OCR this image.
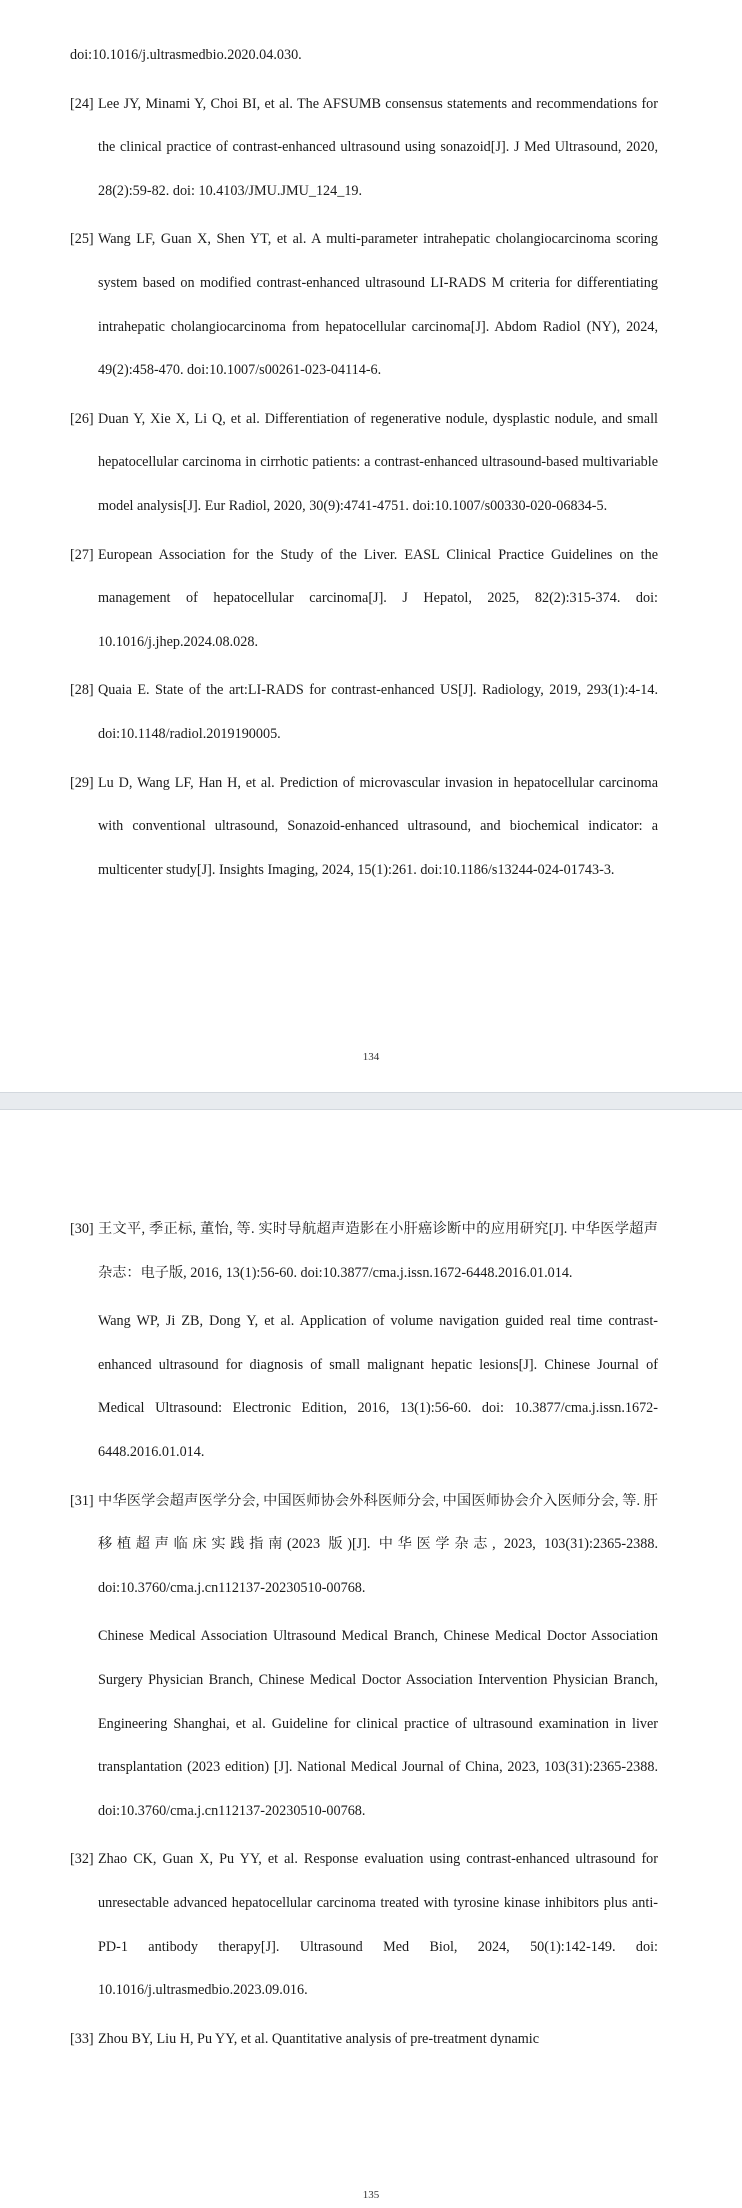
doi:10.1016/j.ultrasmedbio.2020.04.030.
[24] Lee JY, Minami Y, Choi BI, et al. The AFSUMB consensus statements and recommendations for the clinical practice of contrast-enhanced ultrasound using sonazoid[J]. J Med Ultrasound, 2020, 28(2):59-82. doi: 10.4103/JMU.JMU_124_19.
[25] Wang LF, Guan X, Shen YT, et al. A multi-parameter intrahepatic cholangiocarcinoma scoring system based on modified contrast-enhanced ultrasound LI-RADS M criteria for differentiating intrahepatic cholangiocarcinoma from hepatocellular carcinoma[J]. Abdom Radiol (NY), 2024, 49(2):458-470. doi:10.1007/s00261-023-04114-6.
[26] Duan Y, Xie X, Li Q, et al. Differentiation of regenerative nodule, dysplastic nodule, and small hepatocellular carcinoma in cirrhotic patients: a contrast-enhanced ultrasound-based multivariable model analysis[J]. Eur Radiol, 2020, 30(9):4741-4751. doi:10.1007/s00330-020-06834-5.
[27] European Association for the Study of the Liver. EASL Clinical Practice Guidelines on the management of hepatocellular carcinoma[J]. J Hepatol, 2025, 82(2):315-374. doi: 10.1016/j.jhep.2024.08.028.
[28] Quaia E. State of the art:LI-RADS for contrast-enhanced US[J]. Radiology, 2019, 293(1):4-14. doi:10.1148/radiol.2019190005.
[29] Lu D, Wang LF, Han H, et al. Prediction of microvascular invasion in hepatocellular carcinoma with conventional ultrasound, Sonazoid-enhanced ultrasound, and biochemical indicator: a multicenter study[J]. Insights Imaging, 2024, 15(1):261. doi:10.1186/s13244-024-01743-3.
134
[30] 王文平, 季正标, 董怡, 等. 实时导航超声造影在小肝癌诊断中的应用研究[J]. 中华医学超声杂志：电子版, 2016, 13(1):56-60. doi:10.3877/cma.j.issn.1672-6448.2016.01.014.
Wang WP, Ji ZB, Dong Y, et al. Application of volume navigation guided real time contrast-enhanced ultrasound for diagnosis of small malignant hepatic lesions[J]. Chinese Journal of Medical Ultrasound: Electronic Edition, 2016, 13(1):56-60. doi: 10.3877/cma.j.issn.1672-6448.2016.01.014.
[31] 中华医学会超声医学分会, 中国医师协会外科医师分会, 中国医师协会介入医师分会, 等. 肝移植超声临床实践指南(2023 版)[J]. 中华医学杂志, 2023, 103(31):2365-2388. doi:10.3760/cma.j.cn112137-20230510-00768.
Chinese Medical Association Ultrasound Medical Branch, Chinese Medical Doctor Association Surgery Physician Branch, Chinese Medical Doctor Association Intervention Physician Branch, Engineering Shanghai, et al. Guideline for clinical practice of ultrasound examination in liver transplantation (2023 edition) [J]. National Medical Journal of China, 2023, 103(31):2365-2388. doi:10.3760/cma.j.cn112137-20230510-00768.
[32] Zhao CK, Guan X, Pu YY, et al. Response evaluation using contrast-enhanced ultrasound for unresectable advanced hepatocellular carcinoma treated with tyrosine kinase inhibitors plus anti-PD-1 antibody therapy[J]. Ultrasound Med Biol, 2024, 50(1):142-149. doi: 10.1016/j.ultrasmedbio.2023.09.016.
[33] Zhou BY, Liu H, Pu YY, et al. Quantitative analysis of pre-treatment dynamic
135
